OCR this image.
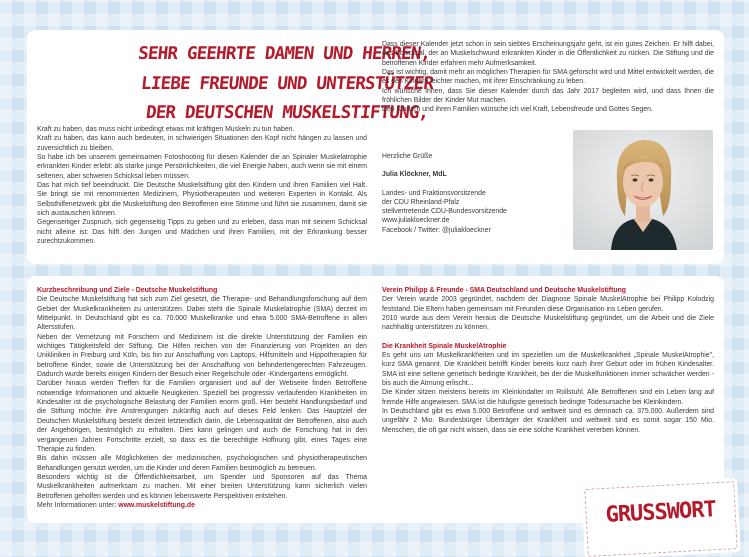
SEHR GEEHRTE DAMEN UND HERREN,
LIEBE FREUNDE UND UNTERSTÜTZER
DER DEUTSCHEN MUSKELSTIFTUNG,

Kraft zu haben, das muss nicht unbedingt etwas mit kräftigen Muskeln zu tun haben.

Kraft zu haben, das kann auch bedeuten, in schwierigen Situationen den Kopf nicht hängen zu lassen und zuversichtlich zu bleiben.

So habe ich bei unserem gemeinsamen Fotoshooting für diesen Kalender die an Spinaler Muskelatrophie erkrankten Kinder erlebt: als starke junge Persönlichkeiten, die viel Energie haben, auch wenn sie mit einem seltenen, aber schweren Schicksal leben müssen.

Das hat mich tief beeindruckt. Die Deutsche Muskelstiftung gibt den Kindern und ihren Familien viel Halt. Sie bringt sie mit renommierten Medizinern, Physiotherapeuten und weiteren Experten in Kontakt. Als Selbsthilfenetzwerk gibt die Muskelstiftung den Betroffenen eine Stimme und führt sie zusammen, damit sie sich austauschen können.

Gegenseitiger Zuspruch, sich gegenseitig Tipps zu geben und zu erleben, dass man mit seinem Schicksal nicht alleine ist: Das hilft den Jungen und Mädchen und ihren Familien, mit der Erkrankung besser zurechtzukommen.

Dass dieser Kalender jetzt schon in sein siebtes Erscheinungsjahr geht, ist ein gutes Zeichen. Er hilft dabei, das Schicksal, der an Muskelschwund erkrankten Kinder in die Öffentlichkeit zu rücken. Die Stiftung und die betroffenen Kinder erfahren mehr Aufmerksamkeit.

Das ist wichtig, damit mehr an möglichen Therapien für SMA geforscht wird und Mittel entwickelt werden, die es den Kindern leichter machen, mit ihrer Einschränkung zu leben.

Ich wünsche Ihnen, dass Sie dieser Kalender durch das Jahr 2017 begleiten wird, und dass Ihnen die fröhlichen Bilder der Kinder Mut machen.

Den Kindern und ihren Familien wünsche ich viel Kraft, Lebensfreude und Gottes Segen.

Herzliche Grüße
Julia Klöckner, MdL
Landes- und Fraktionsvorsitzende
der CDU Rheinland-Pfalz
stellvertretende CDU-Bundesvorsitzende
www.juliakloeckner.de
Facebook / Twitter: @juliakloeckner

Kurzbeschreibung und Ziele - Deutsche Muskelstiftung

Die Deutsche Muskelstiftung hat sich zum Ziel gesetzt, die Therapie- und Behandlungsforschung auf dem Gebiet der Muskelkrankheiten zu unterstützen. Dabei steht die Spinale Muskelatrophie (SMA) derzeit im Mittelpunkt. In Deutschland gibt es ca. 70.000 Muskelkranke und etwa 5.000 SMA-Betroffene in allen Altersstufen.

Neben der Vernetzung mit Forschern und Medizinern ist die direkte Unterstützung der Familien ein wichtiges Tätigkeitsfeld der Stiftung. Die Hilfen reichen von der Finanzierung von Projekten an den Unikliniken in Freiburg und Köln, bis hin zur Anschaffung von Laptops, Hilfsmitteln und Hippotherapien für betroffene Kinder, sowie die Unterstützung bei der Anschaffung von behindertengerechten Fahrzeugen. Dadurch wurde bereits einigen Kindern der Besuch einer Regelschule oder -Kindergartens ermöglicht.

Darüber hinaus werden Treffen für die Familien organisiert und auf der Webseite finden Betroffene notwendige Informationen und aktuelle Neuigkeiten. Speziell bei progressiv verlaufenden Krankheiten im Kindesalter ist die psychologische Belastung der Familien enorm groß. Hier besteht Handlungsbedarf und die Stiftung möchte ihre Anstrengungen zukünftig auch auf dieses Feld lenken. Das Hauptziel der Deutschen Muskelstiftung besteht derzeit letztendlich darin, die Lebensqualität der Betroffenen, also auch der Angehörigen, bestmöglich zu erhalten. Dies kann gelingen und auch die Forschung hat in den vergangenen Jahren Fortschritte erzielt, so dass es die berechtigte Hoffnung gibt, eines Tages eine Therapie zu finden.

Bis dahin müssen alle Möglichkeiten der medizinischen, psychologischen und physiotherapeutischen Behandlungen genutzt werden, um die Kinder und deren Familien bestmöglich zu betreuen.

Besonders wichtig ist die Öffentlichkeitsarbeit, um Spender und Sponsoren auf das Thema Muskelkrankheiten aufmerksam zu machen. Mit einer breiten Unterstützung kann sicherlich vielen Betroffenen geholfen werden und es können lebenswerte Perspektiven entstehen.

Mehr Informationen unter: www.muskelstiftung.de

Verein Philipp & Freunde - SMA Deutschland und Deutsche Muskelstiftung

Der Verein wurde 2003 gegründet, nachdem der Diagnose Spinale MuskelAtrophie bei Philipp Kolodzig feststand. Die Eltern haben gemeinsam mit Freunden diese Organisation ins Leben gerufen.

2010 wurde aus dem Verein heraus die Deutsche Muskelstiftung gegründet, um die Arbeit und die Ziele nachhaltig unterstützen zu können.

Die Krankheit Spinale MuskelAtrophie

Es geht uns um Muskelkrankheiten und im speziellen um die Muskelkrankheit „Spinale MuskelAtrophie", kurz SMA genannt. Die Krankheit betrifft Kinder bereits kurz nach ihrer Geburt oder im frühen Kindesalter. SMA ist eine seltene genetisch bedingte Krankheit, bei der die Muskelfunktionen immer schwächer werden - bis auch die Atmung erlischt...

Die Kinder sitzen meistens bereits im Kleinkindalter im Rollstuhl. Alle Betroffenen sind ein Leben lang auf fremde Hilfe angewiesen. SMA ist die häufigste genetisch bedingte Todesursache bei Kleinkindern.

In Deutschland gibt es etwa 5.000 Betroffene und weltweit sind es demnach ca. 375.000. Außerdem sind ungefähr 2 Mio. Bundesbürger Überträger der Krankheit und weltweit sind es somit sogar 150 Mio. Menschen, die oft gar nicht wissen, dass sie eine solche Krankheit vererben können.

GRUSSWORT
